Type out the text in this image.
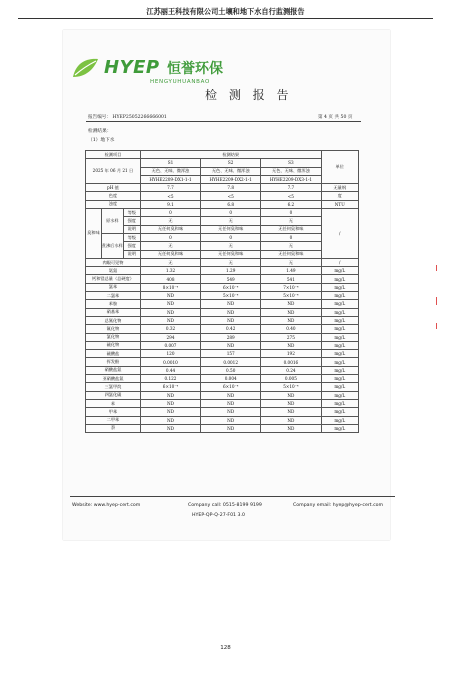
江苏丽王科技有限公司土壤和地下水自行监测报告
HYEP 恒誉环保
HENGYUHUANBAO
检 测 报 告
报告编号： HYEP25052266666001	第 4 页 共 50 页
检测结果：
（1）地下水
检测项目			检测结果			单位
2025 年 06 月 21 日			S1	S2	S3	
			无色、无味、微浑浊	无色、无味、微浑浊	无色、无味、微浑浊	
			HYHE2209-DX1-1-1	HYHE2209-DX2-1-1	HYHE2209-DX3-1-1	
pH 值			7.7	7.8	7.7	无量纲
色度			<5	<5	<5	度
浊度			9.1	6.8	6.2	NTU
臭和味	原水样	等级	0	0	0	/
		强度	无	无	无	
		说明	无任何臭和味	无任何臭和味	无任何臭和味	
	煮沸后水样	等级	0	0	0	
		强度	无	无	无	
		说明	无任何臭和味	无任何臭和味	无任何臭和味	
肉眼可见物			无	无	无	/
氨氮			1.32	1.29	1.49	mg/L
钙和镁总量（总硬度）			408	549	541	mg/L
氯苯			8×10⁻⁴	6×10⁻⁴	7×10⁻⁴	mg/L
二氯苯			ND	5×10⁻⁴	5×10⁻⁴	mg/L
苯胺			ND	ND	ND	mg/L
硝基苯			ND	ND	ND	mg/L
总氰化物			ND	ND	ND	mg/L
氟化物			0.32	0.42	0.40	mg/L
氯化物			294	289	275	mg/L
硫化物			0.007	ND	ND	mg/L
硫酸盐			120	157	192	mg/L
挥发酚			0.0010	0.0012	0.0016	mg/L
硝酸盐氮			0.44	0.50	0.24	mg/L
亚硝酸盐氮			0.122	0.004	0.005	mg/L
三氯甲烷			6×10⁻⁴	6×10⁻⁴	5×10⁻⁴	mg/L
四氯化碳			ND	ND	ND	mg/L
苯			ND	ND	ND	mg/L
甲苯			ND	ND	ND	mg/L
二甲苯			ND	ND	ND	mg/L
萘			ND	ND	ND	mg/L
Website: www.hyep-cert.com	Company call: 0515-8199 9199	Company email: hyep@hyep-cert.com
HYEP-QP-Q-27-F01 3.0
128
